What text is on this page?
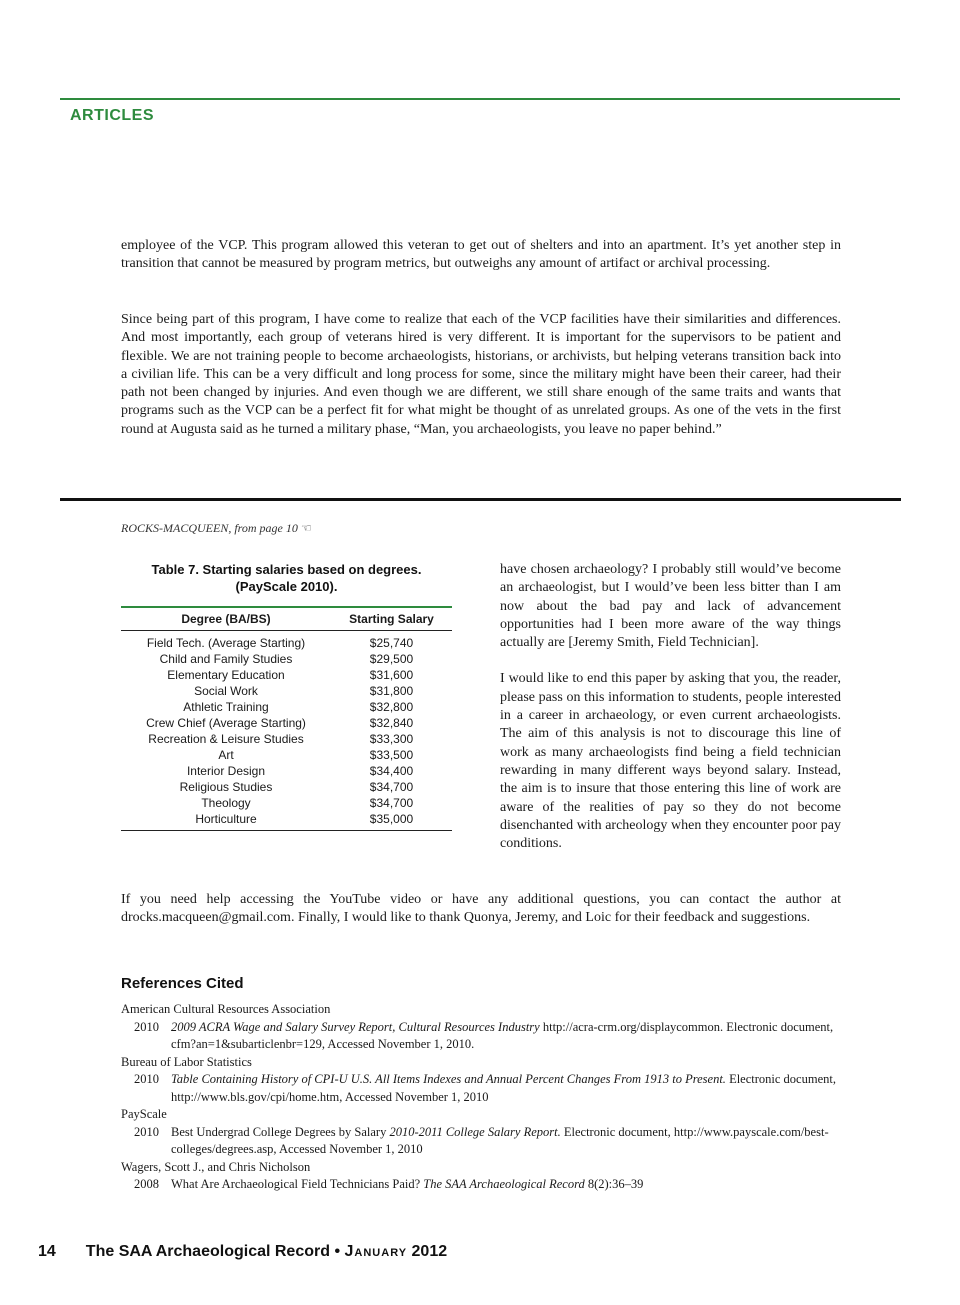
ARTICLES

employee of the VCP. This program allowed this veteran to get out of shelters and into an apartment. It’s yet another step in transition that cannot be measured by program metrics, but outweighs any amount of artifact or archival processing.

Since being part of this program, I have come to realize that each of the VCP facilities have their similarities and differences. And most importantly, each group of veterans hired is very different. It is important for the supervisors to be patient and flexible. We are not training people to become archaeologists, historians, or archivists, but helping veterans transition back into a civilian life. This can be a very difficult and long process for some, since the military might have been their career, had their path not been changed by injuries. And even though we are different, we still share enough of the same traits and wants that programs such as the VCP can be a perfect fit for what might be thought of as unrelated groups. As one of the vets in the first round at Augusta said as he turned a military phase, “Man, you archaeologists, you leave no paper behind.”

ROCKS-MACQUEEN, from page 10 ☜
Table 7. Starting salaries based on degrees.
(PayScale 2010).
Degree (BA/BS)	Starting Salary
Field Tech. (Average Starting)	$25,740
Child and Family Studies	$29,500
Elementary Education	$31,600
Social Work	$31,800
Athletic Training	$32,800
Crew Chief (Average Starting)	$32,840
Recreation & Leisure Studies	$33,300
Art	$33,500
Interior Design	$34,400
Religious Studies	$34,700
Theology	$34,700
Horticulture	$35,000

have chosen archaeology? I probably still would’ve become an archaeologist, but I would’ve been less bitter than I am now about the bad pay and lack of advancement opportunities had I been more aware of the way things actually are [Jeremy Smith, Field Technician].

I would like to end this paper by asking that you, the reader, please pass on this information to students, people interested in a career in archaeology, or even current archaeologists. The aim of this analysis is not to discourage this line of work as many archaeologists find being a field technician rewarding in many different ways beyond salary. Instead, the aim is to insure that those entering this line of work are aware of the realities of pay so they do not become disenchanted with archeology when they encounter poor pay conditions.

If you need help accessing the YouTube video or have any additional questions, you can contact the author at drocks.macqueen@gmail.com. Finally, I would like to thank Quonya, Jeremy, and Loic for their feedback and suggestions.

References Cited

American Cultural Resources Association

2010 2009 ACRA Wage and Salary Survey Report, Cultural Resources Industry http://acra-crm.org/displaycommon. Electronic document, cfm?an=1&subarticlenbr=129, Accessed November 1, 2010.

Bureau of Labor Statistics

2010 Table Containing History of CPI-U U.S. All Items Indexes and Annual Percent Changes From 1913 to Present. Electronic document, http://www.bls.gov/cpi/home.htm, Accessed November 1, 2010

PayScale

2010 Best Undergrad College Degrees by Salary 2010-2011 College Salary Report. Electronic document, http://www.payscale.com/best-colleges/degrees.asp, Accessed November 1, 2010

Wagers, Scott J., and Chris Nicholson

2008 What Are Archaeological Field Technicians Paid? The SAA Archaeological Record 8(2):36–39

14 The SAA Archaeological Record • January 2012
